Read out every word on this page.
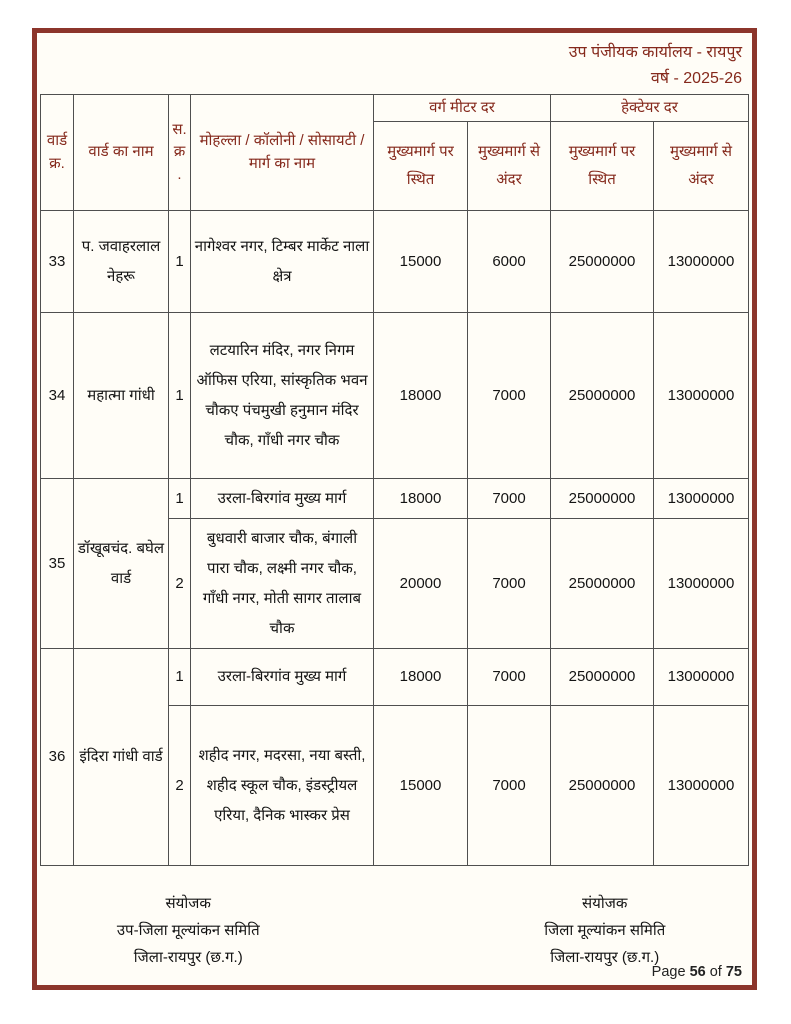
उप पंजीयक कार्यालय - रायपुर
वर्ष - 2025-26
वार्ड क्र.	वार्ड का नाम	स.क्र.	मोहल्ला / कॉलोनी / सोसायटी / मार्ग का नाम	वर्ग मीटर दर		हेक्टेयर दर	
				मुख्यमार्ग पर स्थित	मुख्यमार्ग से अंदर	मुख्यमार्ग पर स्थित	मुख्यमार्ग से अंदर
33	प. जवाहरलाल नेहरू	1	नागेश्वर नगर, टिम्बर मार्केट नाला क्षेत्र	15000	6000	25000000	13000000
34	महात्मा गांधी	1	लटयारिन मंदिर, नगर निगम ऑफिस एरिया, सांस्कृतिक भवन चौकए पंचमुखी हनुमान मंदिर चौक, गाँधी नगर चौक	18000	7000	25000000	13000000
35	डॉखूबचंद. बघेल वार्ड	1	उरला-बिरगांव मुख्य मार्ग	18000	7000	25000000	13000000
		2	बुधवारी बाजार चौक, बंगाली पारा चौक, लक्ष्मी नगर चौक, गाँधी नगर, मोती सागर तालाब चौक	20000	7000	25000000	13000000
36	इंदिरा गांधी वार्ड	1	उरला-बिरगांव मुख्य मार्ग	18000	7000	25000000	13000000
		2	शहीद नगर, मदरसा, नया बस्ती, शहीद स्कूल चौक, इंडस्ट्रीयल एरिया, दैनिक भास्कर प्रेस	15000	7000	25000000	13000000
संयोजक
उप-जिला मूल्यांकन समिति
जिला-रायपुर (छ.ग.)
संयोजक
जिला मूल्यांकन समिति
जिला-रायपुर (छ.ग.)
Page 56 of 75
